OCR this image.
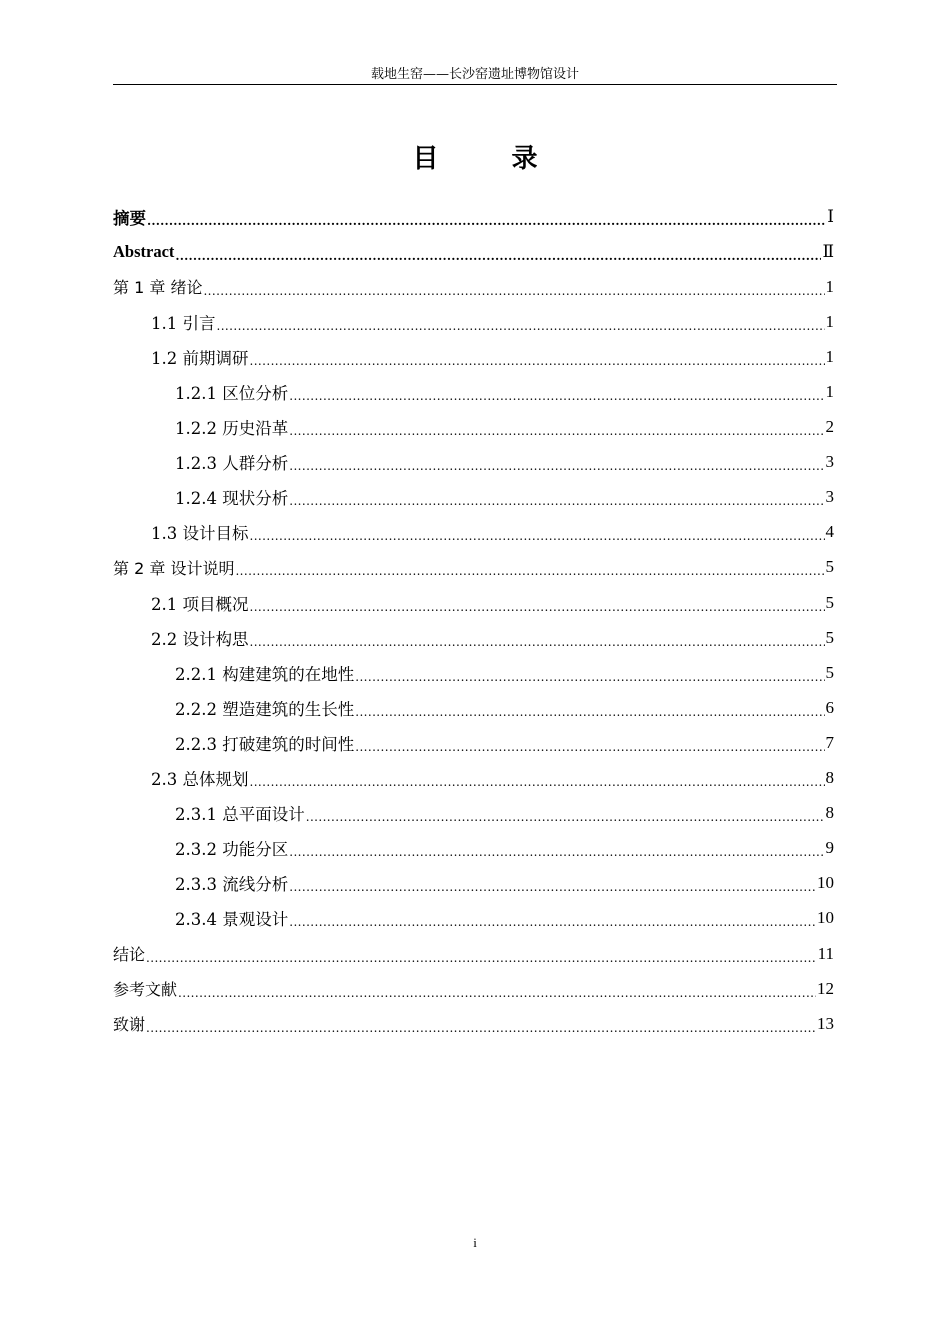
载地生窑——长沙窑遗址博物馆设计
目 录
摘要 .....	Ⅰ
Abstract .....	Ⅱ
第 1 章 绪论 .....	1
1.1 引言 .....	1
1.2 前期调研 .....	1
1.2.1 区位分析 .....	1
1.2.2 历史沿革 .....	2
1.2.3 人群分析 .....	3
1.2.4 现状分析 .....	3
1.3 设计目标 .....	4
第 2 章 设计说明 .....	5
2.1 项目概况 .....	5
2.2 设计构思 .....	5
2.2.1 构建建筑的在地性 .....	5
2.2.2 塑造建筑的生长性 .....	6
2.2.3 打破建筑的时间性 .....	7
2.3 总体规划 .....	8
2.3.1 总平面设计 .....	8
2.3.2 功能分区 .....	9
2.3.3 流线分析 .....	10
2.3.4 景观设计 .....	10
结论 .....	11
参考文献 .....	12
致谢 .....	13
i
